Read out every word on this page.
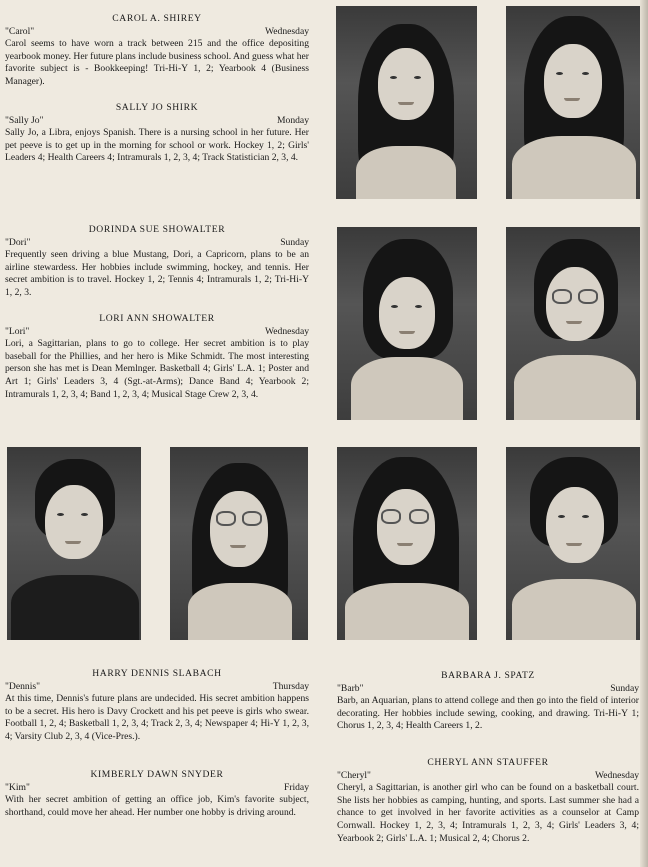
CAROL A. SHIREY
"Carol"	Wednesday

Carol seems to have worn a track between 215 and the office depositing yearbook money. Her future plans include business school. And guess what her favorite subject is - Bookkeeping! Tri-Hi-Y 1, 2; Yearbook 4 (Business Manager).

SALLY JO SHIRK
"Sally Jo"	Monday

Sally Jo, a Libra, enjoys Spanish. There is a nursing school in her future. Her pet peeve is to get up in the morning for school or work. Hockey 1, 2; Girls' Leaders 4; Health Careers 4; Intramurals 1, 2, 3, 4; Track Statistician 2, 3, 4.

DORINDA SUE SHOWALTER
"Dori"	Sunday

Frequently seen driving a blue Mustang, Dori, a Capricorn, plans to be an airline stewardess. Her hobbies include swimming, hockey, and tennis. Her secret ambition is to travel. Hockey 1, 2; Tennis 4; Intramurals 1, 2; Tri-Hi-Y 1, 2, 3.

LORI ANN SHOWALTER
"Lori"	Wednesday

Lori, a Sagittarian, plans to go to college. Her secret ambition is to play baseball for the Phillies, and her hero is Mike Schmidt. The most interesting person she has met is Dean Memlnger. Basketball 4; Girls' L.A. 1; Poster and Art 1; Girls' Leaders 3, 4 (Sgt.-at-Arms); Dance Band 4; Yearbook 2; Intramurals 1, 2, 3, 4; Band 1, 2, 3, 4; Musical Stage Crew 2, 3, 4.

HARRY DENNIS SLABACH
"Dennis"	Thursday

At this time, Dennis's future plans are undecided. His secret ambition happens to be a secret. His hero is Davy Crockett and his pet peeve is girls who swear. Football 1, 2, 4; Basketball 1, 2, 3, 4; Track 2, 3, 4; Newspaper 4; Hi-Y 1, 2, 3, 4; Varsity Club 2, 3, 4 (Vice-Pres.).

KIMBERLY DAWN SNYDER
"Kim"	Friday

With her secret ambition of getting an office job, Kim's favorite subject, shorthand, could move her ahead. Her number one hobby is driving around.

BARBARA J. SPATZ
"Barb"	Sunday

Barb, an Aquarian, plans to attend college and then go into the field of interior decorating. Her hobbies include sewing, cooking, and drawing. Tri-Hi-Y 1; Chorus 1, 2, 3, 4; Health Careers 1, 2.

CHERYL ANN STAUFFER
"Cheryl"	Wednesday

Cheryl, a Sagittarian, is another girl who can be found on a basketball court. She lists her hobbies as camping, hunting, and sports. Last summer she had a chance to get involved in her favorite activities as a counselor at Camp Cornwall. Hockey 1, 2, 3, 4; Intramurals 1, 2, 3, 4; Girls' Leaders 3, 4; Yearbook 2; Girls' L.A. 1; Musical 2, 4; Chorus 2.
